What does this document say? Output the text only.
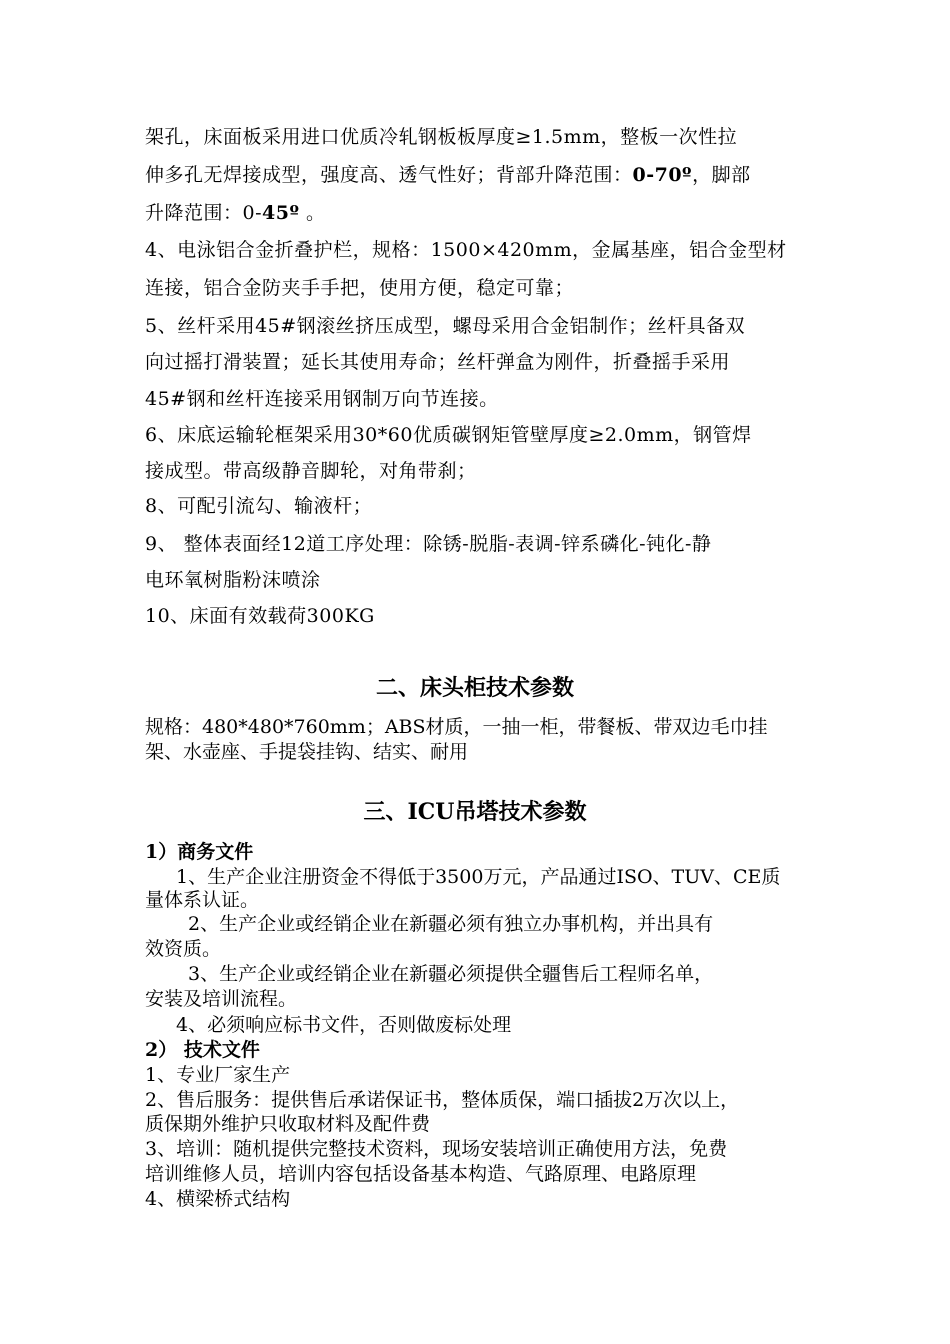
架孔，床面板采用进口优质冷轧钢板板厚度≥1.5mm，整板一次性拉
伸多孔无焊接成型，强度高、透气性好；背部升降范围：0-70º，脚部
升降范围：0-45º 。
4、电泳铝合金折叠护栏，规格：1500×420mm，金属基座，铝合金型材
连接，铝合金防夹手手把，使用方便，稳定可靠；
5、丝杆采用45#钢滚丝挤压成型，螺母采用合金铝制作；丝杆具备双
向过摇打滑装置；延长其使用寿命；丝杆弹盒为刚件，折叠摇手采用
45#钢和丝杆连接采用钢制万向节连接。
6、床底运输轮框架采用30*60优质碳钢矩管壁厚度≥2.0mm，钢管焊
接成型。带高级静音脚轮，对角带刹；
8、可配引流勾、输液杆；
9、 整体表面经12道工序处理：除锈-脱脂-表调-锌系磷化-钝化-静
电环氧树脂粉沫喷涂
10、床面有效载荷300KG
二、床头柜技术参数
规格：480*480*760mm；ABS材质，一抽一柜，带餐板、带双边毛巾挂
架、水壶座、手提袋挂钩、结实、耐用
三、ICU吊塔技术参数
1）商务文件
1、生产企业注册资金不得低于3500万元，产品通过ISO、TUV、CE质
量体系认证。
2、生产企业或经销企业在新疆必须有独立办事机构，并出具有
效资质。
3、生产企业或经销企业在新疆必须提供全疆售后工程师名单，
安装及培训流程。
4、必须响应标书文件，否则做废标处理
2） 技术文件
1、专业厂家生产
2、售后服务：提供售后承诺保证书，整体质保，端口插拔2万次以上，
质保期外维护只收取材料及配件费
3、培训：随机提供完整技术资料，现场安装培训正确使用方法，免费
培训维修人员，培训内容包括设备基本构造、气路原理、电路原理
4、横梁桥式结构
